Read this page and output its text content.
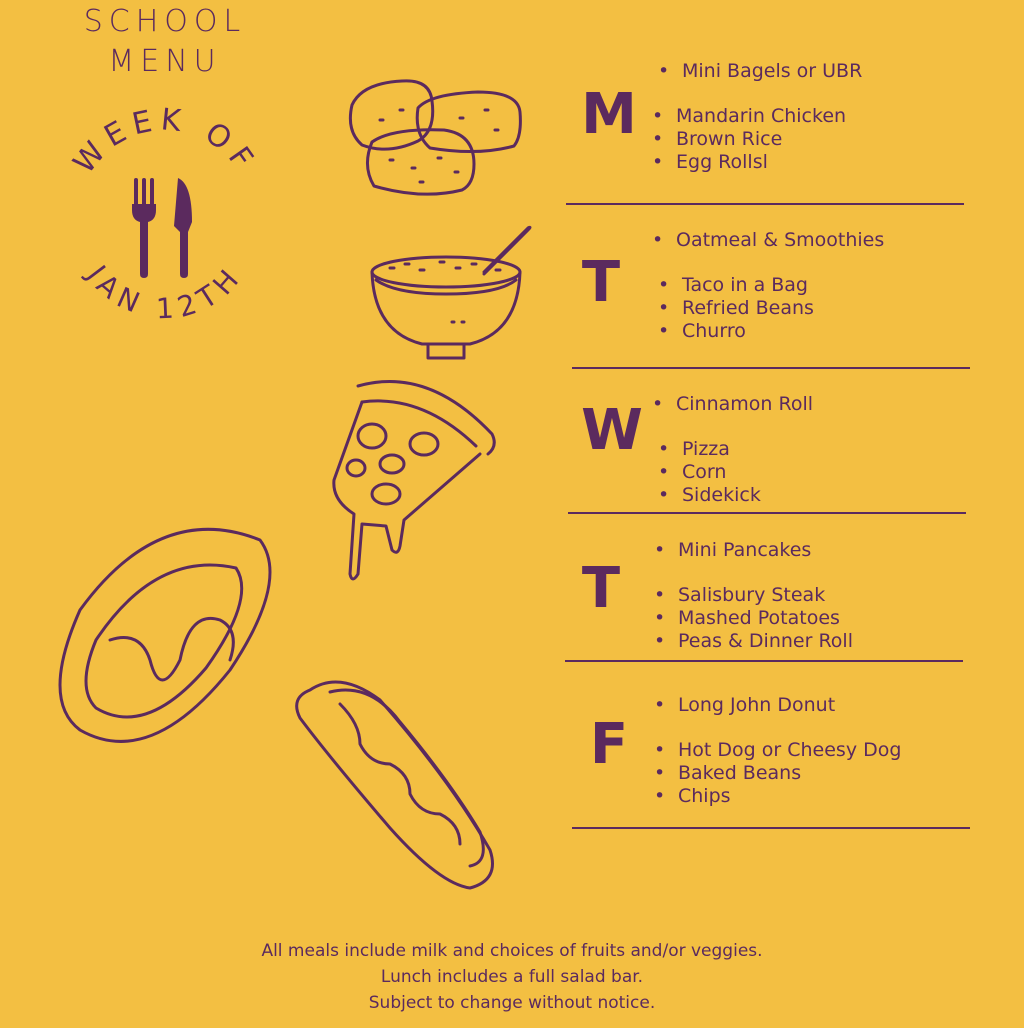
SCHOOL
MENU
WEEK OF
JAN 12TH
M
T
W
T
F
• Mini Bagels or UBR
• Mandarin Chicken
• Brown Rice
• Egg Rollsl
• Oatmeal & Smoothies
• Taco in a Bag
• Refried Beans
• Churro
• Cinnamon Roll
• Pizza
• Corn
• Sidekick
• Mini Pancakes
• Salisbury Steak
• Mashed Potatoes
• Peas & Dinner Roll
• Long John Donut
• Hot Dog or Cheesy Dog
• Baked Beans
• Chips
All meals include milk and choices of fruits and/or veggies.
Lunch includes a full salad bar.
Subject to change without notice.
